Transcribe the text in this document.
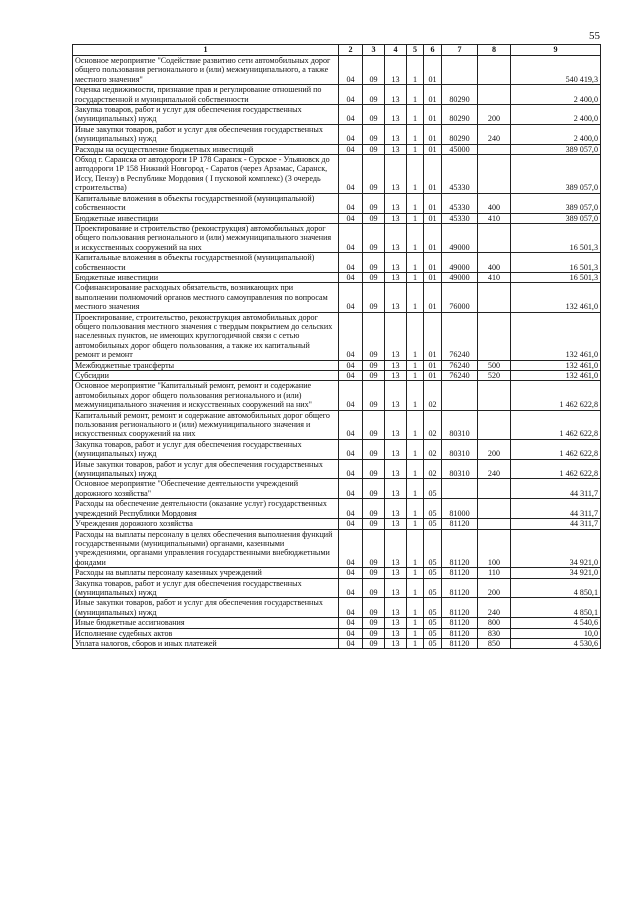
55
1	2	3	4	5	6	7	8	9
Основное мероприятие "Содействие развитию сети автомобильных дорог общего пользования регионального и (или) межмуниципального, а также местного значения"	04	09	13	1	01			540 419,3
Оценка недвижимости, признание прав и регулирование отношений по государственной и муниципальной собственности	04	09	13	1	01	80290		2 400,0
Закупка товаров, работ и услуг для обеспечения государственных (муниципальных) нужд	04	09	13	1	01	80290	200	2 400,0
Иные закупки товаров, работ и услуг для обеспечения государственных (муниципальных) нужд	04	09	13	1	01	80290	240	2 400,0
Расходы на осуществление бюджетных инвестиций	04	09	13	1	01	45000		389 057,0
Обход г. Саранска от автодороги 1Р 178 Саранск - Сурское - Ульяновск до автодороги 1Р 158 Нижний Новгород - Саратов (через Арзамас, Саранск, Иссу, Пензу) в Республике Мордовия ( I пусковой комплекс) (3 очередь строительства)	04	09	13	1	01	45330		389 057,0
Капитальные вложения в объекты государственной (муниципальной) собственности	04	09	13	1	01	45330	400	389 057,0
Бюджетные инвестиции	04	09	13	1	01	45330	410	389 057,0
Проектирование и строительство (реконструкция) автомобильных дорог общего пользования регионального и (или) межмуниципального значения и искусственных сооружений на них	04	09	13	1	01	49000		16 501,3
Капитальные вложения в объекты государственной (муниципальной) собственности	04	09	13	1	01	49000	400	16 501,3
Бюджетные инвестиции	04	09	13	1	01	49000	410	16 501,3
Софинансирование расходных обязательств, возникающих при выполнении полномочий органов местного самоуправления по вопросам местного значения	04	09	13	1	01	76000		132 461,0
Проектирование, строительство, реконструкция автомобильных дорог общего пользования местного значения с твердым покрытием до сельских населенных пунктов, не имеющих круглогодичной связи с сетью автомобильных дорог общего пользования, а также их капитальный ремонт и ремонт	04	09	13	1	01	76240		132 461,0
Межбюджетные трансферты	04	09	13	1	01	76240	500	132 461,0
Субсидии	04	09	13	1	01	76240	520	132 461,0
Основное мероприятие "Капитальный ремонт, ремонт и содержание автомобильных дорог общего пользования регионального и (или) межмуниципального значения и искусственных сооружений на них"	04	09	13	1	02			1 462 622,8
Капитальный ремонт, ремонт и содержание автомобильных дорог общего пользования регионального и (или) межмуниципального значения и искусственных сооружений на них	04	09	13	1	02	80310		1 462 622,8
Закупка товаров, работ и услуг для обеспечения государственных (муниципальных) нужд	04	09	13	1	02	80310	200	1 462 622,8
Иные закупки товаров, работ и услуг для обеспечения государственных (муниципальных) нужд	04	09	13	1	02	80310	240	1 462 622,8
Основное мероприятие "Обеспечение деятельности учреждений дорожного хозяйства"	04	09	13	1	05			44 311,7
Расходы на обеспечение деятельности (оказание услуг) государственных учреждений Республики Мордовия	04	09	13	1	05	81000		44 311,7
Учреждения дорожного хозяйства	04	09	13	1	05	81120		44 311,7
Расходы на выплаты персоналу в целях обеспечения выполнения функций государственными (муниципальными) органами, казенными учреждениями, органами управления государственными внебюджетными фондами	04	09	13	1	05	81120	100	34 921,0
Расходы на выплаты персоналу казенных учреждений	04	09	13	1	05	81120	110	34 921,0
Закупка товаров, работ и услуг для обеспечения государственных (муниципальных) нужд	04	09	13	1	05	81120	200	4 850,1
Иные закупки товаров, работ и услуг для обеспечения государственных (муниципальных) нужд	04	09	13	1	05	81120	240	4 850,1
Иные бюджетные ассигнования	04	09	13	1	05	81120	800	4 540,6
Исполнение судебных актов	04	09	13	1	05	81120	830	10,0
Уплата налогов, сборов и иных платежей	04	09	13	1	05	81120	850	4 530,6
